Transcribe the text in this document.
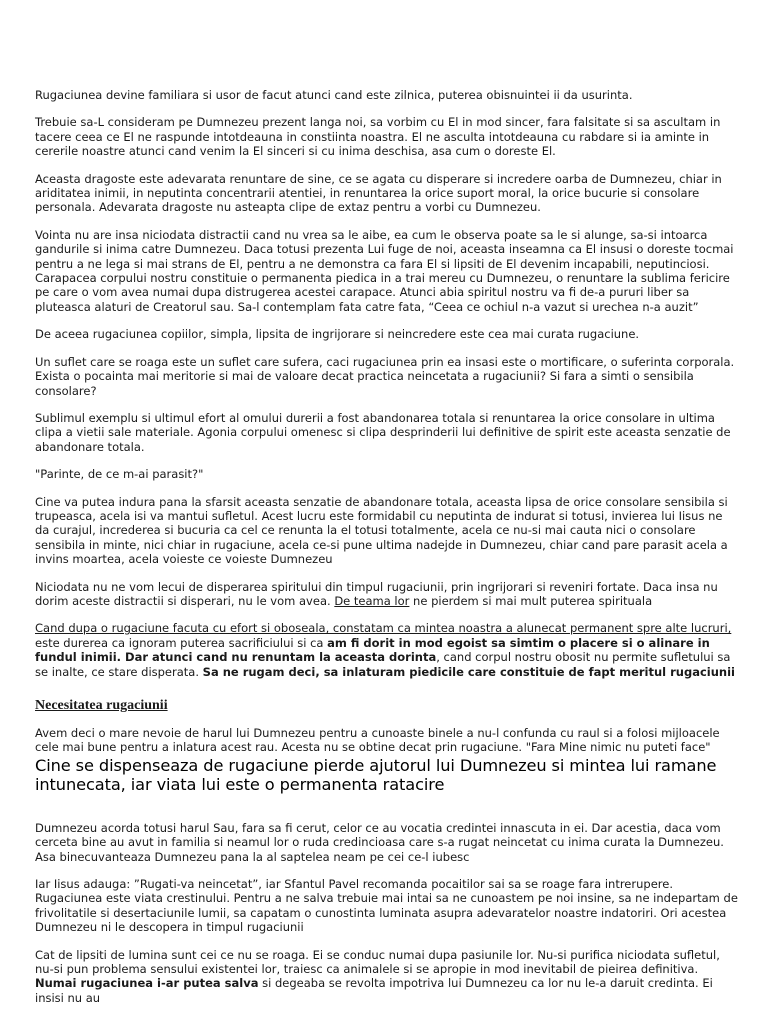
Rugaciunea devine familiara si usor de facut atunci cand este zilnica, puterea obisnuintei ii da usurinta.

Trebuie sa-L consideram pe Dumnezeu prezent langa noi, sa vorbim cu El in mod sincer, fara falsitate si sa ascultam in tacere ceea ce El ne raspunde intotdeauna in constiinta noastra. El ne asculta intotdeauna cu rabdare si ia aminte in cererile noastre atunci cand venim la El sinceri si cu inima deschisa, asa cum o doreste El.

Aceasta dragoste este adevarata renuntare de sine, ce se agata cu disperare si incredere oarba de Dumnezeu, chiar in ariditatea inimii, in neputinta concentrarii atentiei, in renuntarea la orice suport moral, la orice bucurie si consolare personala. Adevarata dragoste nu asteapta clipe de extaz pentru a vorbi cu Dumnezeu.

Vointa nu are insa niciodata distractii cand nu vrea sa le aibe, ea cum le observa poate sa le si alunge, sa-si intoarca gandurile si inima catre Dumnezeu. Daca totusi prezenta Lui fuge de noi, aceasta inseamna ca El insusi o doreste tocmai pentru a ne lega si mai strans de El, pentru a ne demonstra ca fara El si lipsiti de El devenim incapabili, neputinciosi. Carapacea corpului nostru constituie o permanenta piedica in a trai mereu cu Dumnezeu, o renuntare la sublima fericire pe care o vom avea numai dupa distrugerea acestei carapace. Atunci abia spiritul nostru va fi de-a pururi liber sa pluteasca alaturi de Creatorul sau. Sa-l contemplam fata catre fata, “Ceea ce ochiul n-a vazut si urechea n-a auzit”

De aceea rugaciunea copiilor, simpla, lipsita de ingrijorare si neincredere este cea mai curata rugaciune.

Un suflet care se roaga este un suflet care sufera, caci rugaciunea prin ea insasi este o mortificare, o suferinta corporala. Exista o pocainta mai meritorie si mai de valoare decat practica neincetata a rugaciunii? Si fara a simti o sensibila consolare?

Sublimul exemplu si ultimul efort al omului durerii a fost abandonarea totala si renuntarea la orice consolare in ultima clipa a vietii sale materiale. Agonia corpului omenesc si clipa desprinderii lui definitive de spirit este aceasta senzatie de abandonare totala.

"Parinte, de ce m-ai parasit?"

Cine va putea indura pana la sfarsit aceasta senzatie de abandonare totala, aceasta lipsa de orice consolare sensibila si trupeasca, acela isi va mantui sufletul. Acest lucru este formidabil cu neputinta de indurat si totusi, invierea lui Iisus ne da curajul, increderea si bucuria ca cel ce renunta la el totusi totalmente, acela ce nu-si mai cauta nici o consolare sensibila in minte, nici chiar in rugaciune, acela ce-si pune ultima nadejde in Dumnezeu, chiar cand pare parasit acela a invins moartea, acela voieste ce voieste Dumnezeu

Niciodata nu ne vom lecui de disperarea spiritului din timpul rugaciunii, prin ingrijorari si reveniri fortate. Daca insa nu dorim aceste distractii si disperari, nu le vom avea. De teama lor ne pierdem si mai mult puterea spirituala

Cand dupa o rugaciune facuta cu efort si oboseala, constatam ca mintea noastra a alunecat permanent spre alte lucruri, este durerea ca ignoram puterea sacrificiului si ca am fi dorit in mod egoist sa simtim o placere si o alinare in fundul inimii. Dar atunci cand nu renuntam la aceasta dorinta, cand corpul nostru obosit nu permite sufletului sa se inalte, ce stare disperata. Sa ne rugam deci, sa inlaturam piedicile care constituie de fapt meritul rugaciunii

Necesitatea rugaciunii

Avem deci o mare nevoie de harul lui Dumnezeu pentru a cunoaste binele a nu-l confunda cu raul si a folosi mijloacele cele mai bune pentru a inlatura acest rau. Acesta nu se obtine decat prin rugaciune. "Fara Mine nimic nu puteti face"

Cine se dispenseaza de rugaciune pierde ajutorul lui Dumnezeu si mintea lui ramane intunecata, iar viata lui este o permanenta ratacire

Dumnezeu acorda totusi harul Sau, fara sa fi cerut, celor ce au vocatia credintei innascuta in ei. Dar acestia, daca vom cerceta bine au avut in familia si neamul lor o ruda credincioasa care s-a rugat neincetat cu inima curata la Dumnezeu. Asa binecuvanteaza Dumnezeu pana la al saptelea neam pe cei ce-l iubesc

Iar Iisus adauga: ”Rugati-va neincetat”, iar Sfantul Pavel recomanda pocaitilor sai sa se roage fara intrerupere. Rugaciunea este viata crestinului. Pentru a ne salva trebuie mai intai sa ne cunoastem pe noi insine, sa ne indepartam de frivolitatile si desertaciunile lumii, sa capatam o cunostinta luminata asupra adevaratelor noastre indatoriri. Ori acestea Dumnezeu ni le descopera in timpul rugaciunii

Cat de lipsiti de lumina sunt cei ce nu se roaga. Ei se conduc numai dupa pasiunile lor. Nu-si purifica niciodata sufletul, nu-si pun problema sensului existentei lor, traiesc ca animalele si se apropie in mod inevitabil de pieirea definitiva. Numai rugaciunea i-ar putea salva si degeaba se revolta impotriva lui Dumnezeu ca lor nu le-a daruit credinta. Ei insisi nu au
